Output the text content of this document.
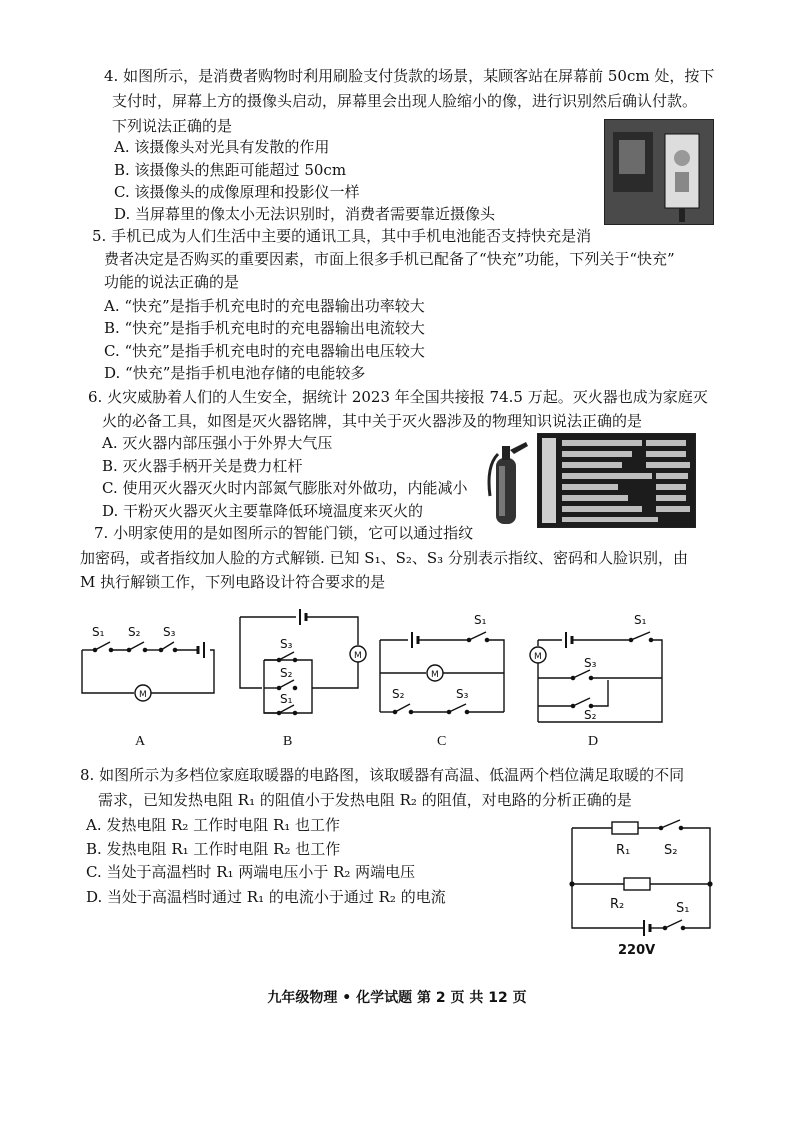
4. 如图所示，是消费者购物时利用刷脸支付货款的场景，某顾客站在屏幕前 50cm 处，按下
支付时，屏幕上方的摄像头启动，屏幕里会出现人脸缩小的像，进行识别然后确认付款。
下列说法正确的是
A. 该摄像头对光具有发散的作用
B. 该摄像头的焦距可能超过 50cm
C. 该摄像头的成像原理和投影仪一样
D. 当屏幕里的像太小无法识别时，消费者需要靠近摄像头
5. 手机已成为人们生活中主要的通讯工具，其中手机电池能否支持快充是消
费者决定是否购买的重要因素，市面上很多手机已配备了“快充”功能，下列关于“快充”
功能的说法正确的是
A. “快充”是指手机充电时的充电器输出功率较大
B. “快充”是指手机充电时的充电器输出电流较大
C. “快充”是指手机充电时的充电器输出电压较大
D. “快充”是指手机电池存储的电能较多
6. 火灾威胁着人们的人生安全，据统计 2023 年全国共接报 74.5 万起。灭火器也成为家庭灭
火的必备工具，如图是灭火器铭牌，其中关于灭火器涉及的物理知识说法正确的是
A. 灭火器内部压强小于外界大气压
B. 灭火器手柄开关是费力杠杆
C. 使用灭火器灭火时内部氮气膨胀对外做功，内能减小
D. 干粉灭火器灭火主要靠降低环境温度来灭火的
7. 小明家使用的是如图所示的智能门锁，它可以通过指纹
加密码，或者指纹加人脸的方式解锁. 已知 S₁、S₂、S₃ 分别表示指纹、密码和人脸识别，由
M 执行解锁工作，下列电路设计符合要求的是
S₁ S₂ S₃
M
S₃
S₂
S₁
M
S₁
M
S₂	S₃
S₁
M	S₃
S₂
A	B	C	D
8. 如图所示为多档位家庭取暖器的电路图，该取暖器有高温、低温两个档位满足取暖的不同
需求，已知发热电阻 R₁ 的阻值小于发热电阻 R₂ 的阻值，对电路的分析正确的是
A. 发热电阻 R₂ 工作时电阻 R₁ 也工作
B. 发热电阻 R₁ 工作时电阻 R₂ 也工作
C. 当处于高温档时 R₁ 两端电压小于 R₂ 两端电压
D. 当处于高温档时通过 R₁ 的电流小于通过 R₂ 的电流
R₁	S₂
R₂	S₁
220V
九年级物理 • 化学试题 第 2 页 共 12 页
